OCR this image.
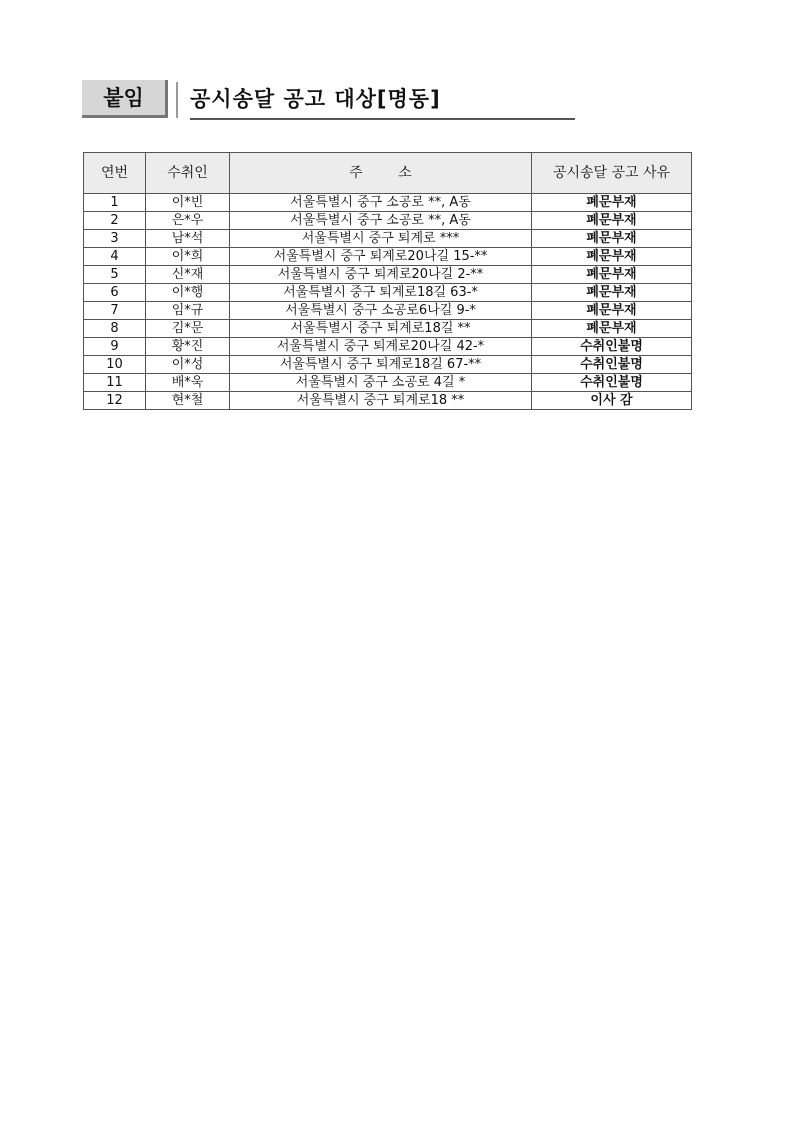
붙임	공시송달 공고 대상[명동]
연번	수취인	주        소	공시송달 공고 사유
1	이*빈	서울특별시 중구 소공로 **, A동	폐문부재
2	은*우	서울특별시 중구 소공로 **, A동	폐문부재
3	남*석	서울특별시 중구 퇴계로 ***	폐문부재
4	이*희	서울특별시 중구 퇴계로20나길 15-**	폐문부재
5	신*재	서울특별시 중구 퇴계로20나길 2-**	폐문부재
6	이*행	서울특별시 중구 퇴계로18길 63-*	폐문부재
7	임*규	서울특별시 중구 소공로6나길 9-*	폐문부재
8	김*문	서울특별시 중구 퇴계로18길 **	폐문부재
9	황*진	서울특별시 중구 퇴계로20나길 42-*	수취인불명
10	이*성	서울특별시 중구 퇴계로18길 67-**	수취인불명
11	배*욱	서울특별시 중구 소공로 4길 *	수취인불명
12	현*철	서울특별시 중구 퇴계로18 **	이사 감
